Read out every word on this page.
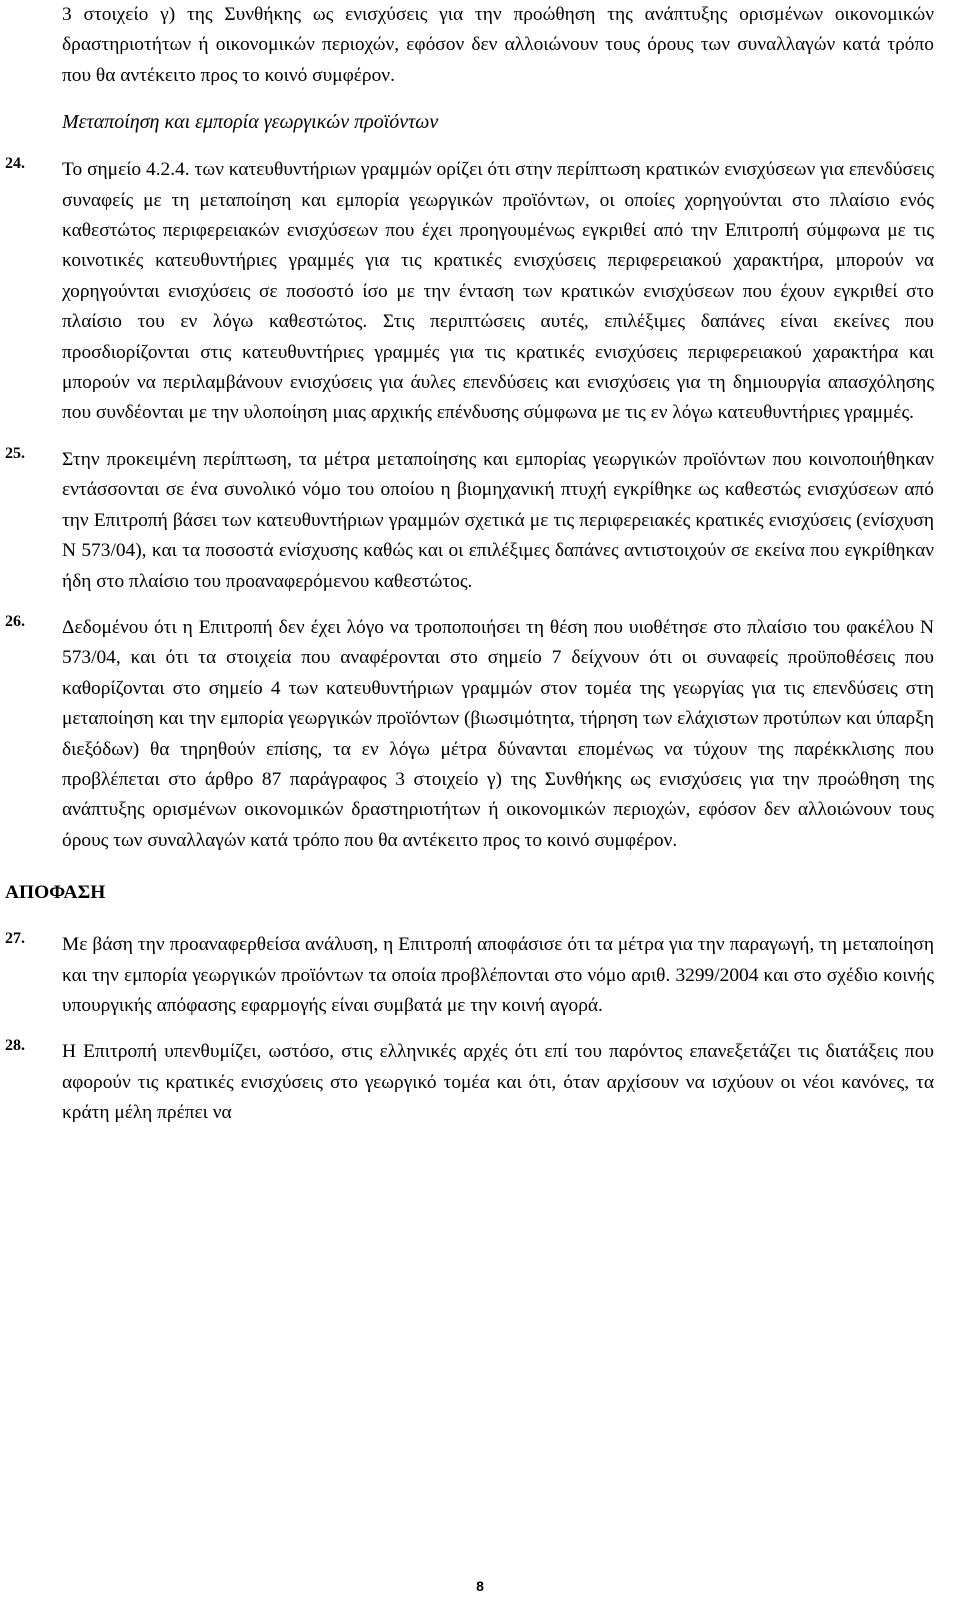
3 στοιχείο γ) της Συνθήκης ως ενισχύσεις για την προώθηση της ανάπτυξης ορισμένων οικονομικών δραστηριοτήτων ή οικονομικών περιοχών, εφόσον δεν αλλοιώνουν τους όρους των συναλλαγών κατά τρόπο που θα αντέκειτο προς το κοινό συμφέρον.

Μεταποίηση και εμπορία γεωργικών προϊόντων

24.	Το σημείο 4.2.4. των κατευθυντήριων γραμμών ορίζει ότι στην περίπτωση κρατικών ενισχύσεων για επενδύσεις συναφείς με τη μεταποίηση και εμπορία γεωργικών προϊόντων, οι οποίες χορηγούνται στο πλαίσιο ενός καθεστώτος περιφερειακών ενισχύσεων που έχει προηγουμένως εγκριθεί από την Επιτροπή σύμφωνα με τις κοινοτικές κατευθυντήριες γραμμές για τις κρατικές ενισχύσεις περιφερειακού χαρακτήρα, μπορούν να χορηγούνται ενισχύσεις σε ποσοστό ίσο με την ένταση των κρατικών ενισχύσεων που έχουν εγκριθεί στο πλαίσιο του εν λόγω καθεστώτος. Στις περιπτώσεις αυτές, επιλέξιμες δαπάνες είναι εκείνες που προσδιορίζονται στις κατευθυντήριες γραμμές για τις κρατικές ενισχύσεις περιφερειακού χαρακτήρα και μπορούν να περιλαμβάνουν ενισχύσεις για άυλες επενδύσεις και ενισχύσεις για τη δημιουργία απασχόλησης που συνδέονται με την υλοποίηση μιας αρχικής επένδυσης σύμφωνα με τις εν λόγω κατευθυντήριες γραμμές.

25.	Στην προκειμένη περίπτωση, τα μέτρα μεταποίησης και εμπορίας γεωργικών προϊόντων που κοινοποιήθηκαν εντάσσονται σε ένα συνολικό νόμο του οποίου η βιομηχανική πτυχή εγκρίθηκε ως καθεστώς ενισχύσεων από την Επιτροπή βάσει των κατευθυντήριων γραμμών σχετικά με τις περιφερειακές κρατικές ενισχύσεις (ενίσχυση Ν 573/04), και τα ποσοστά ενίσχυσης καθώς και οι επιλέξιμες δαπάνες αντιστοιχούν σε εκείνα που εγκρίθηκαν ήδη στο πλαίσιο του προαναφερόμενου καθεστώτος.

26.	Δεδομένου ότι η Επιτροπή δεν έχει λόγο να τροποποιήσει τη θέση που υιοθέτησε στο πλαίσιο του φακέλου Ν 573/04, και ότι τα στοιχεία που αναφέρονται στο σημείο 7 δείχνουν ότι οι συναφείς προϋποθέσεις που καθορίζονται στο σημείο 4 των κατευθυντήριων γραμμών στον τομέα της γεωργίας για τις επενδύσεις στη μεταποίηση και την εμπορία γεωργικών προϊόντων (βιωσιμότητα, τήρηση των ελάχιστων προτύπων και ύπαρξη διεξόδων) θα τηρηθούν επίσης, τα εν λόγω μέτρα δύνανται επομένως να τύχουν της παρέκκλισης που προβλέπεται στο άρθρο 87 παράγραφος 3 στοιχείο γ) της Συνθήκης ως ενισχύσεις για την προώθηση της ανάπτυξης ορισμένων οικονομικών δραστηριοτήτων ή οικονομικών περιοχών, εφόσον δεν αλλοιώνουν τους όρους των συναλλαγών κατά τρόπο που θα αντέκειτο προς το κοινό συμφέρον.

ΑΠΟΦΑΣΗ

27.	Με βάση την προαναφερθείσα ανάλυση, η Επιτροπή αποφάσισε ότι τα μέτρα για την παραγωγή, τη μεταποίηση και την εμπορία γεωργικών προϊόντων τα οποία προβλέπονται στο νόμο αριθ. 3299/2004 και στο σχέδιο κοινής υπουργικής απόφασης εφαρμογής είναι συμβατά με την κοινή αγορά.

28.	Η Επιτροπή υπενθυμίζει, ωστόσο, στις ελληνικές αρχές ότι επί του παρόντος επανεξετάζει τις διατάξεις που αφορούν τις κρατικές ενισχύσεις στο γεωργικό τομέα και ότι, όταν αρχίσουν να ισχύουν οι νέοι κανόνες, τα κράτη μέλη πρέπει να

8
